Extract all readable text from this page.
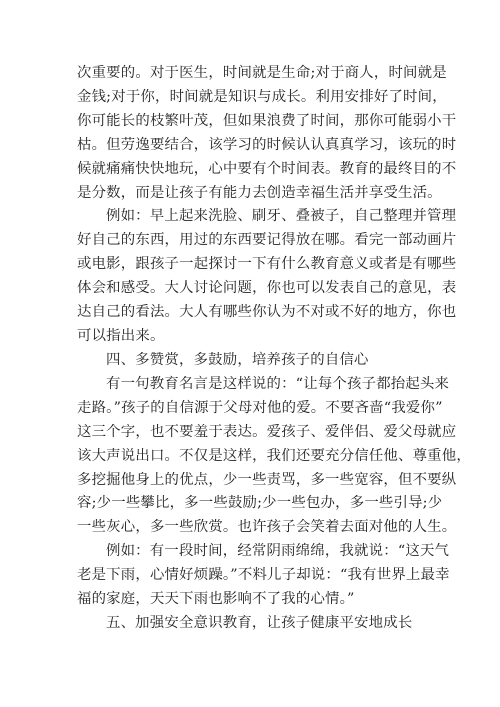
次重要的。对于医生，时间就是生命;对于商人，时间就是
金钱;对于你，时间就是知识与成长。利用安排好了时间，
你可能长的枝繁叶茂，但如果浪费了时间，那你可能弱小干
枯。但劳逸要结合，该学习的时候认认真真学习，该玩的时
候就痛痛快快地玩，心中要有个时间表。教育的最终目的不
是分数，而是让孩子有能力去创造幸福生活并享受生活。
例如：早上起来洗脸、刷牙、叠被子，自己整理并管理
好自己的东西，用过的东西要记得放在哪。看完一部动画片
或电影，跟孩子一起探讨一下有什么教育意义或者是有哪些
体会和感受。大人讨论问题，你也可以发表自己的意见，表
达自己的看法。大人有哪些你认为不对或不好的地方，你也
可以指出来。
四、多赞赏，多鼓励，培养孩子的自信心
有一句教育名言是这样说的：“让每个孩子都抬起头来
走路。”孩子的自信源于父母对他的爱。不要吝啬“我爱你”
这三个字，也不要羞于表达。爱孩子、爱伴侣、爱父母就应
该大声说出口。不仅是这样，我们还要充分信任他、尊重他，
多挖掘他身上的优点，少一些责骂，多一些宽容，但不要纵
容;少一些攀比，多一些鼓励;少一些包办，多一些引导;少
一些灰心，多一些欣赏。也许孩子会笑着去面对他的人生。
例如：有一段时间，经常阴雨绵绵，我就说：“这天气
老是下雨，心情好烦躁。”不料儿子却说：“我有世界上最幸
福的家庭，天天下雨也影响不了我的心情。”
五、加强安全意识教育，让孩子健康平安地成长
